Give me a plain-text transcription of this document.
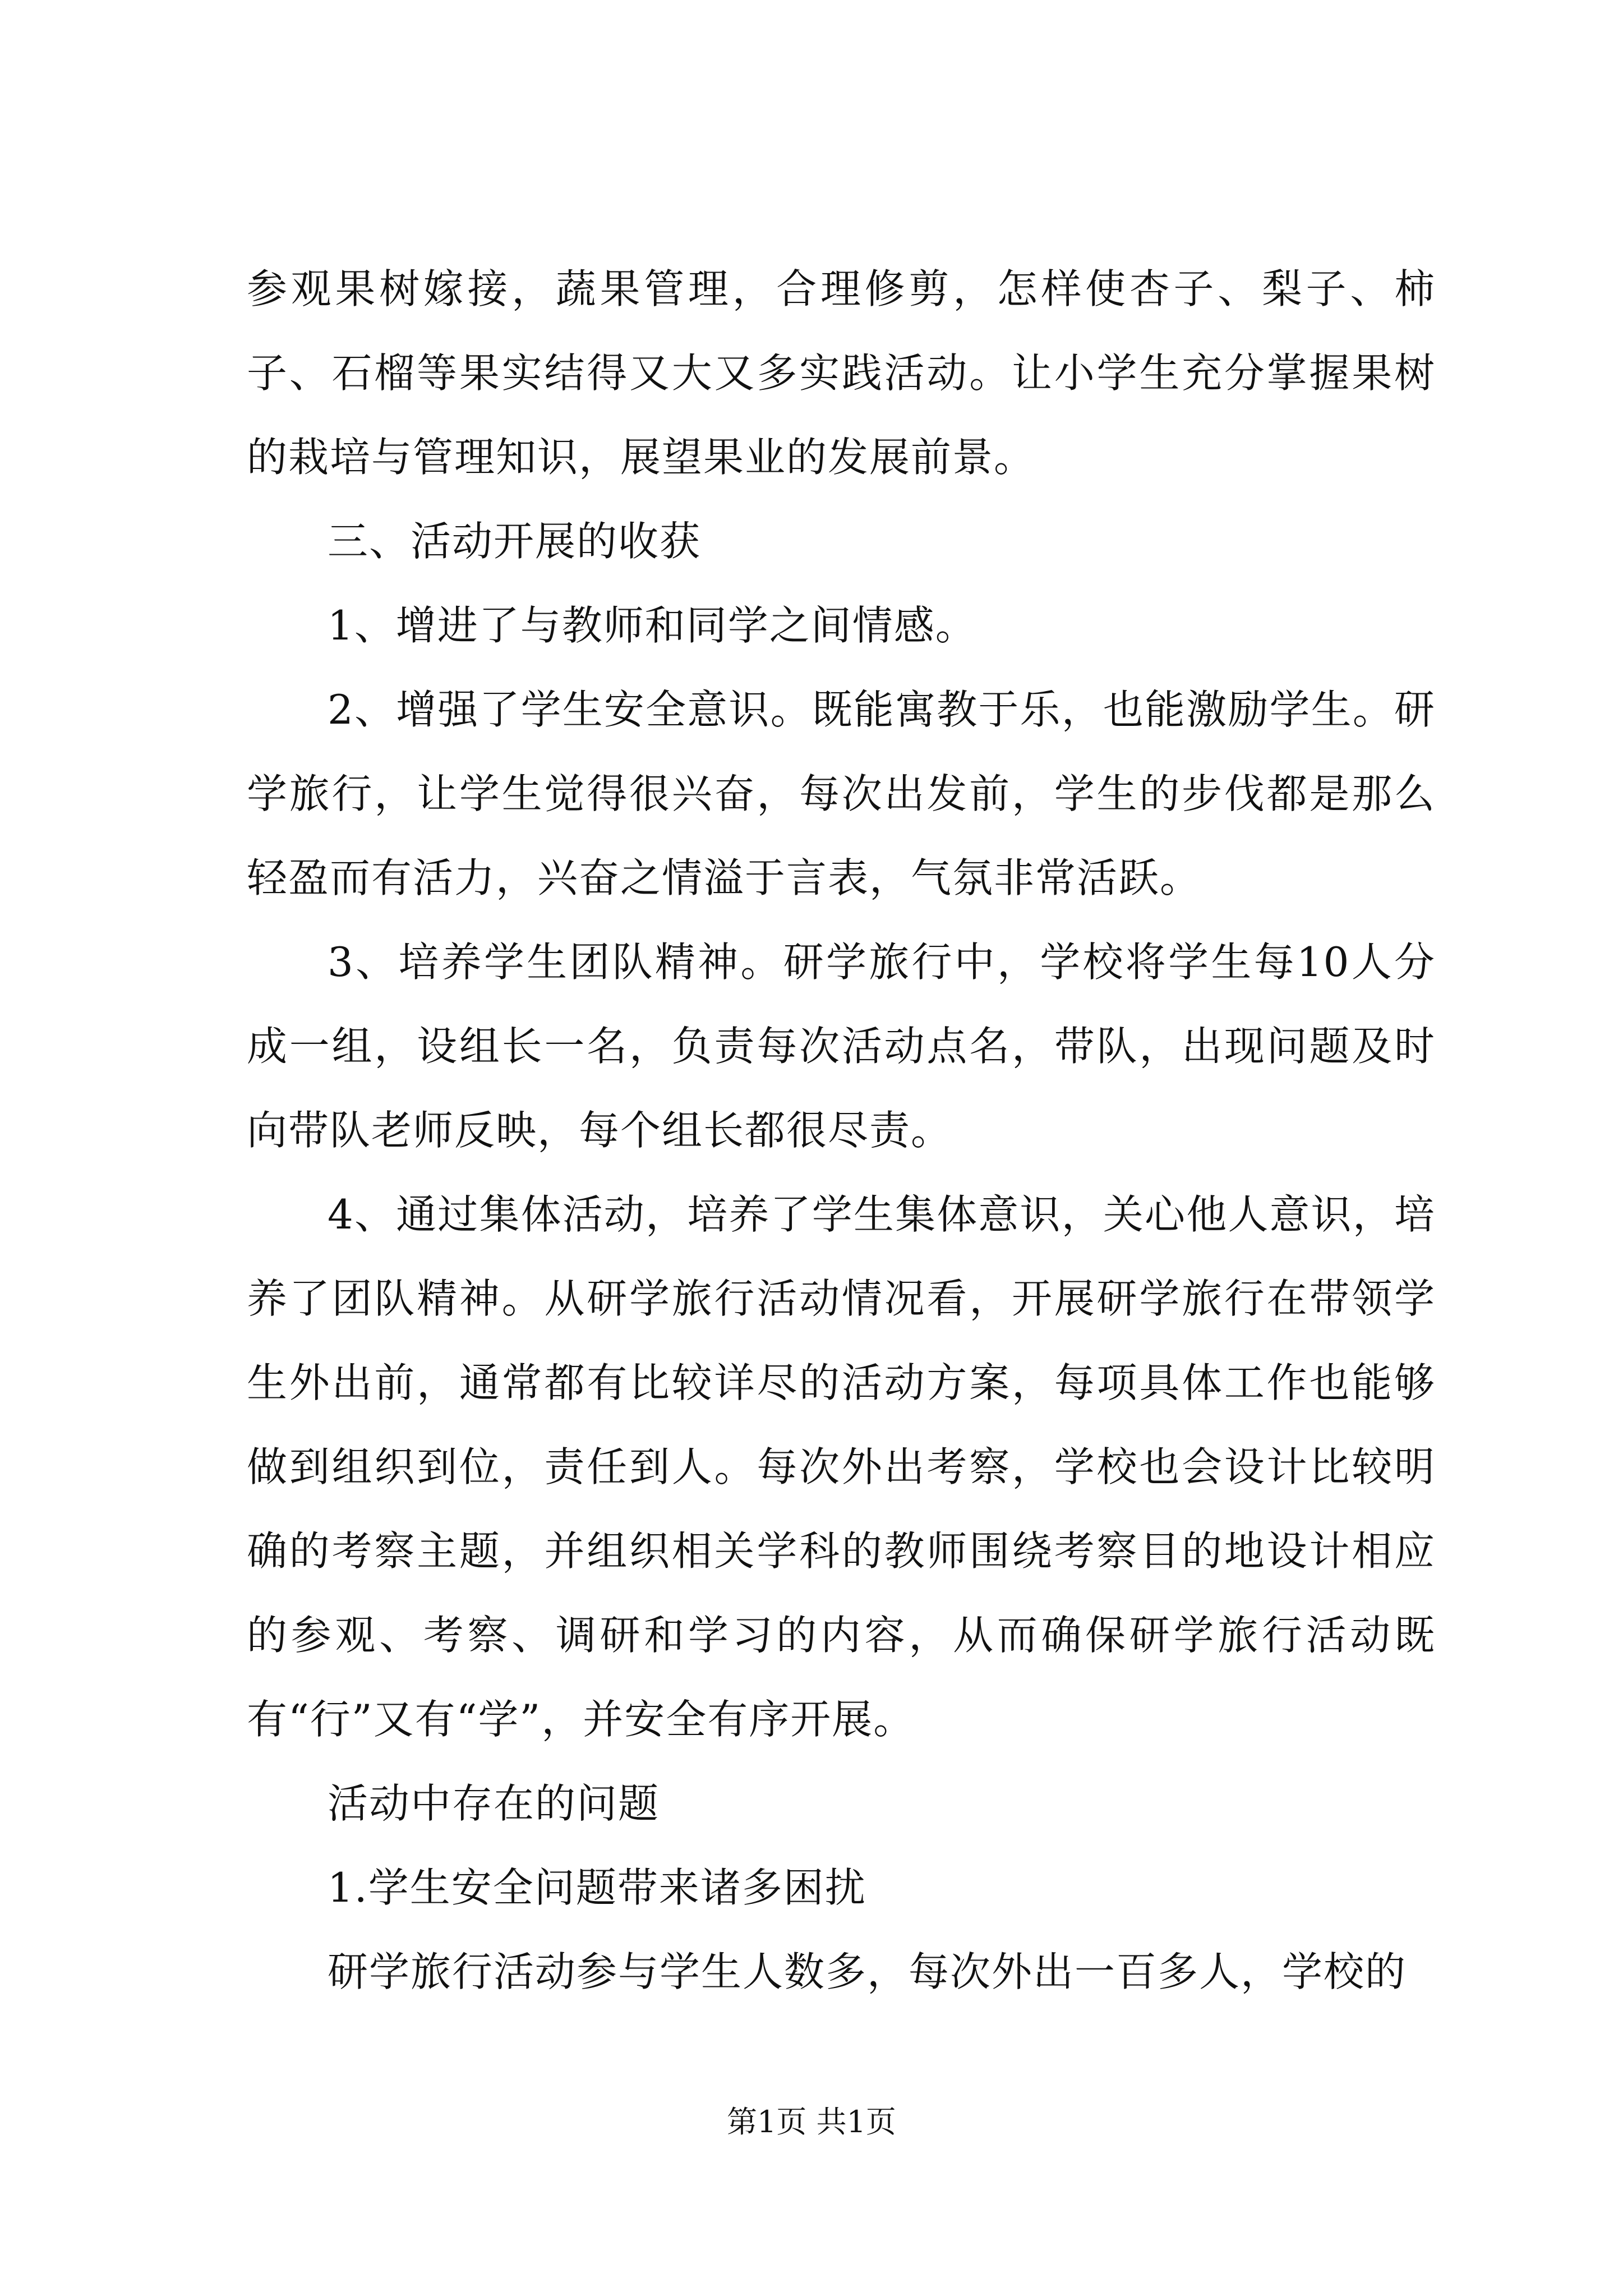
参观果树嫁接，蔬果管理，合理修剪，怎样使杏子、梨子、柿子、石榴等果实结得又大又多实践活动。让小学生充分掌握果树的栽培与管理知识，展望果业的发展前景。

三、活动开展的收获

1、增进了与教师和同学之间情感。

2、增强了学生安全意识。既能寓教于乐，也能激励学生。研学旅行，让学生觉得很兴奋，每次出发前，学生的步伐都是那么轻盈而有活力，兴奋之情溢于言表，气氛非常活跃。

3、培养学生团队精神。研学旅行中，学校将学生每10人分成一组，设组长一名，负责每次活动点名，带队，出现问题及时向带队老师反映，每个组长都很尽责。

4、通过集体活动，培养了学生集体意识，关心他人意识，培养了团队精神。从研学旅行活动情况看，开展研学旅行在带领学生外出前，通常都有比较详尽的活动方案，每项具体工作也能够做到组织到位，责任到人。每次外出考察，学校也会设计比较明确的考察主题，并组织相关学科的教师围绕考察目的地设计相应的参观、考察、调研和学习的内容，从而确保研学旅行活动既有“行”又有“学”，并安全有序开展。

活动中存在的问题

1.学生安全问题带来诸多困扰

研学旅行活动参与学生人数多，每次外出一百多人，学校的

第1页 共1页
